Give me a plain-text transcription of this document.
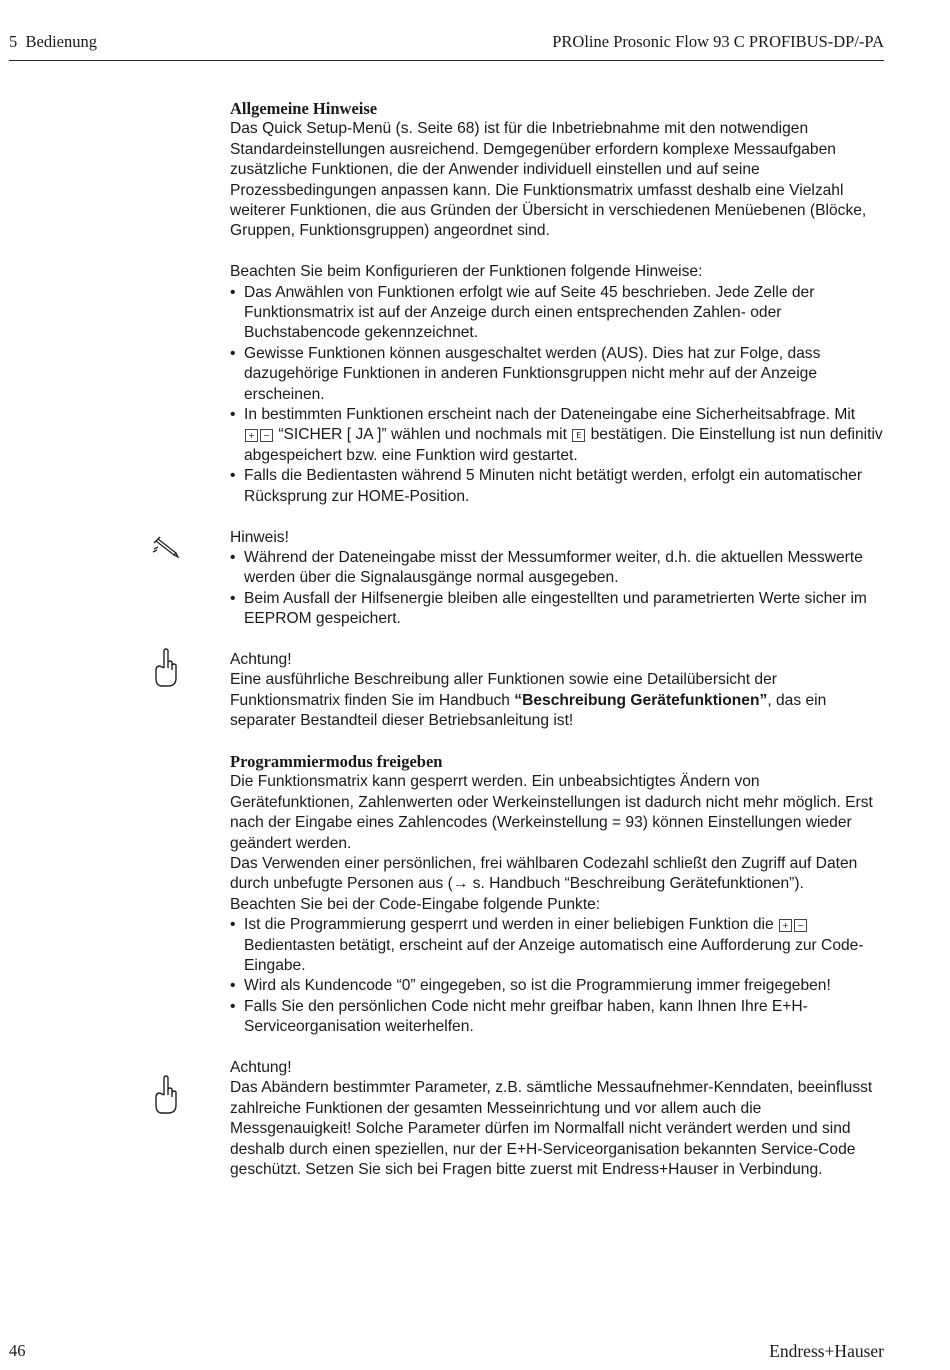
5  Bedienung	PROline Prosonic Flow 93 C PROFIBUS-DP/-PA

Allgemeine Hinweise

Das Quick Setup-Menü (s. Seite 68) ist für die Inbetriebnahme mit den notwendigen Standardeinstellungen ausreichend. Demgegenüber erfordern komplexe Messaufgaben zusätzliche Funktionen, die der Anwender individuell einstellen und auf seine Prozessbedingungen anpassen kann. Die Funktionsmatrix umfasst deshalb eine Vielzahl weiterer Funktionen, die aus Gründen der Übersicht in verschiedenen Menüebenen (Blöcke, Gruppen, Funktionsgruppen) angeordnet sind.

Beachten Sie beim Konfigurieren der Funktionen folgende Hinweise:

• Das Anwählen von Funktionen erfolgt wie auf Seite 45 beschrieben. Jede Zelle der Funktionsmatrix ist auf der Anzeige durch einen entsprechenden Zahlen- oder Buchstabencode gekennzeichnet.
• Gewisse Funktionen können ausgeschaltet werden (AUS). Dies hat zur Folge, dass dazugehörige Funktionen in anderen Funktionsgruppen nicht mehr auf der Anzeige erscheinen.
• In bestimmten Funktionen erscheint nach der Dateneingabe eine Sicherheitsabfrage. Mit + − “SICHER [ JA ]” wählen und nochmals mit E bestätigen. Die Einstellung ist nun definitiv abgespeichert bzw. eine Funktion wird gestartet.
• Falls die Bedientasten während 5 Minuten nicht betätigt werden, erfolgt ein automatischer Rücksprung zur HOME-Position.

Hinweis!

• Während der Dateneingabe misst der Messumformer weiter, d.h. die aktuellen Messwerte werden über die Signalausgänge normal ausgegeben.
• Beim Ausfall der Hilfsenergie bleiben alle eingestellten und parametrierten Werte sicher im EEPROM gespeichert.

Achtung!

Eine ausführliche Beschreibung aller Funktionen sowie eine Detailübersicht der Funktionsmatrix finden Sie im Handbuch “Beschreibung Gerätefunktionen”, das ein separater Bestandteil dieser Betriebsanleitung ist!

Programmiermodus freigeben

Die Funktionsmatrix kann gesperrt werden. Ein unbeabsichtigtes Ändern von Gerätefunktionen, Zahlenwerten oder Werkeinstellungen ist dadurch nicht mehr möglich. Erst nach der Eingabe eines Zahlencodes (Werkeinstellung = 93) können Einstellungen wieder geändert werden.

Das Verwenden einer persönlichen, frei wählbaren Codezahl schließt den Zugriff auf Daten durch unbefugte Personen aus (→ s. Handbuch “Beschreibung Gerätefunktionen”).

Beachten Sie bei der Code-Eingabe folgende Punkte:

• Ist die Programmierung gesperrt und werden in einer beliebigen Funktion die + − Bedientasten betätigt, erscheint auf der Anzeige automatisch eine Aufforderung zur Code-Eingabe.
• Wird als Kundencode “0” eingegeben, so ist die Programmierung immer freigegeben!
• Falls Sie den persönlichen Code nicht mehr greifbar haben, kann Ihnen Ihre E+H-Serviceorganisation weiterhelfen.

Achtung!

Das Abändern bestimmter Parameter, z.B. sämtliche Messaufnehmer-Kenndaten, beeinflusst zahlreiche Funktionen der gesamten Messeinrichtung und vor allem auch die Messgenauigkeit! Solche Parameter dürfen im Normalfall nicht verändert werden und sind deshalb durch einen speziellen, nur der E+H-Serviceorganisation bekannten Service-Code geschützt. Setzen Sie sich bei Fragen bitte zuerst mit Endress+Hauser in Verbindung.

46	Endress+Hauser
